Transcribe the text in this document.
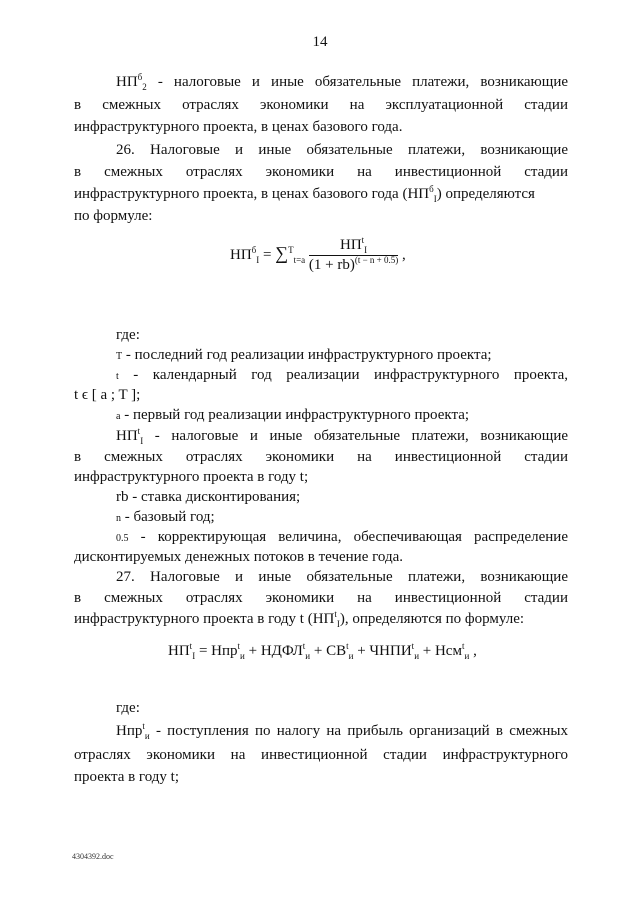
14
$НП^б_2$ - налоговые и иные обязательные платежи, возникающие
в смежных отраслях экономики на эксплуатационной стадии
инфраструктурного проекта, в ценах базового года.
26. Налоговые и иные обязательные платежи, возникающие
в смежных отраслях экономики на инвестиционной стадии
инфраструктурного проекта, в ценах базового года $(НП^б_I)$ определяются
по формуле:
$НП^б_I = \sum^T_{t=a} \frac{НП^t_I}{(1 + rb)^{(t - n + 0.5)}}$ ,
где:
T - последний год реализации инфраструктурного проекта;
t - календарный год реализации инфраструктурного проекта,
t ϵ [ a ; T ];
a - первый год реализации инфраструктурного проекта;
$НП^t_I$ - налоговые и иные обязательные платежи, возникающие
в смежных отраслях экономики на инвестиционной стадии
инфраструктурного проекта в году t;
rb - ставка дисконтирования;
n - базовый год;
0.5 - корректирующая величина, обеспечивающая распределение
дисконтируемых денежных потоков в течение года.
27. Налоговые и иные обязательные платежи, возникающие
в смежных отраслях экономики на инвестиционной стадии
инфраструктурного проекта в году t $(НП^t_I)$, определяются по формуле:
$НП^t_I = Нпр^t_и$ + $НДФЛ^t_и + СВ^t_и$ + $ЧНПИ^t_и + Нсм^t_и$ ,
где:
Нпр$^t_и$ - поступления по налогу на прибыль организаций в смежных
отраслях экономики на инвестиционной стадии инфраструктурного
проекта в году t;
4304392.doc
